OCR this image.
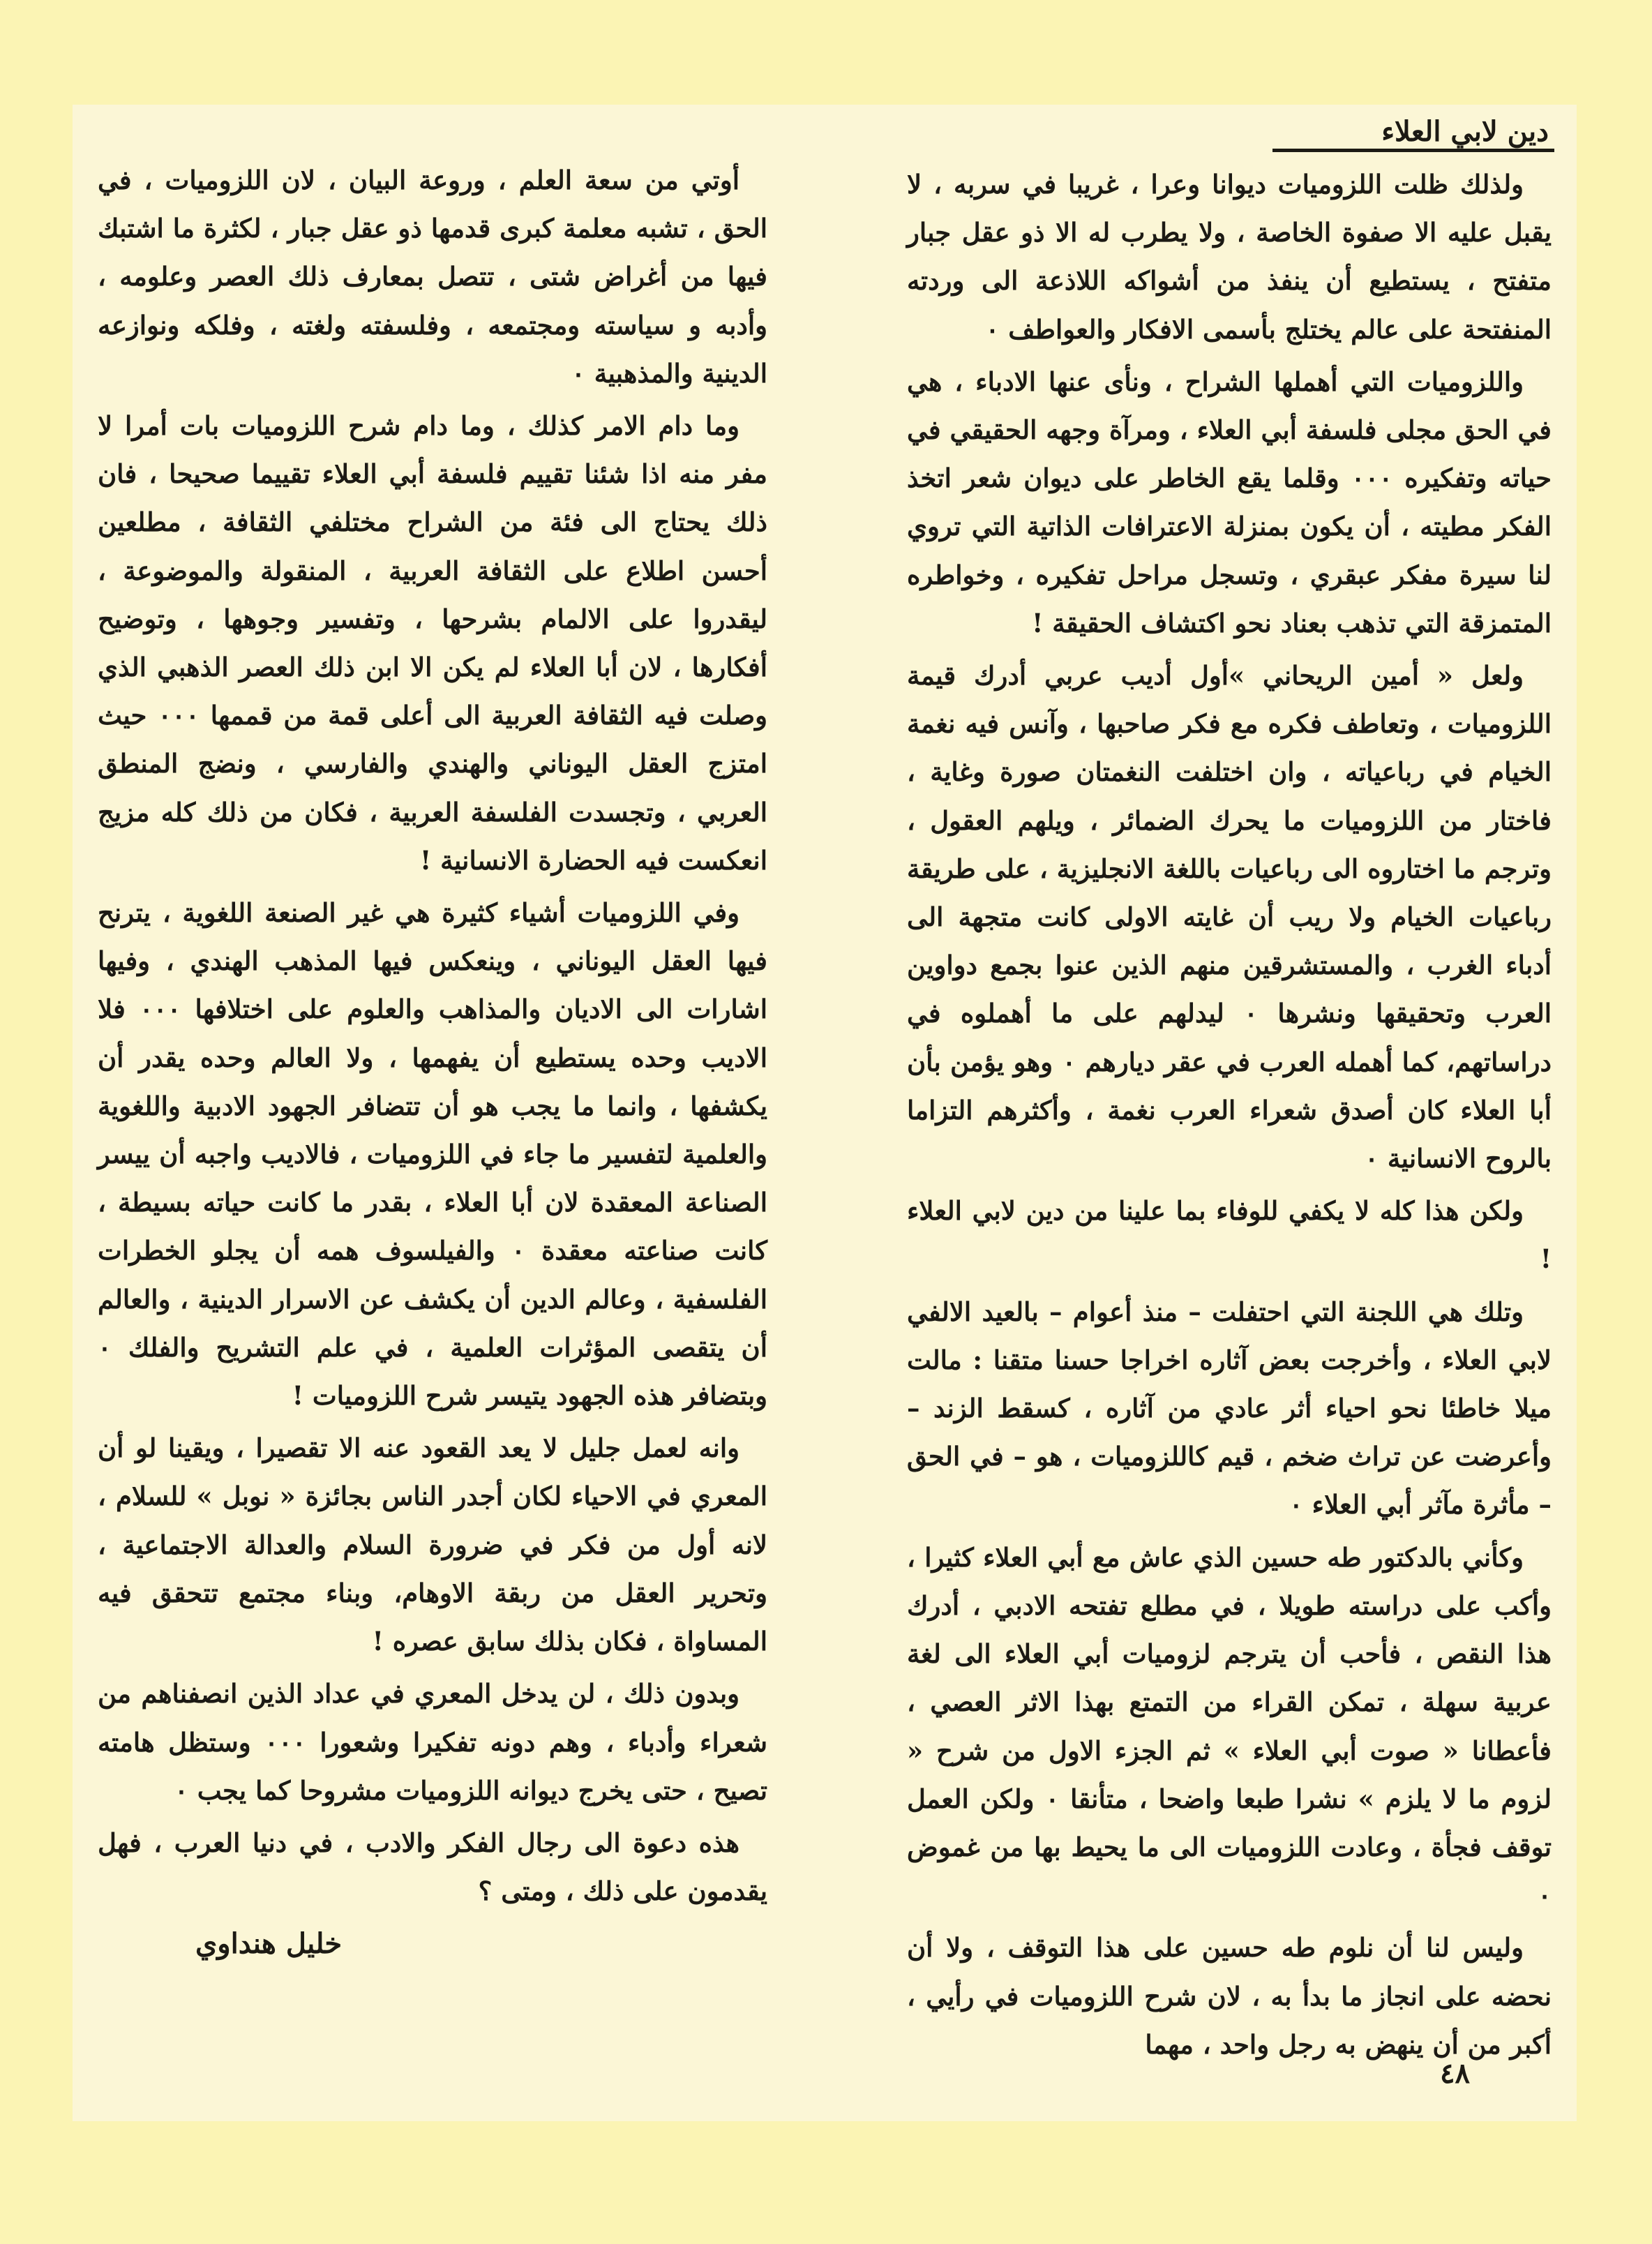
دين لابي العلاء

ولذلك ظلت اللزوميات ديوانا وعرا ، غريبا في سربه ، لا يقبل عليه الا صفوة الخاصة ، ولا يطرب له الا ذو عقل جبار متفتح ، يستطيع أن ينفذ من أشواكه اللاذعة الى وردته المنفتحة على عالم يختلج بأسمى الافكار والعواطف ٠

واللزوميات التي أهملها الشراح ، ونأى عنها الادباء ، هي في الحق مجلى فلسفة أبي العلاء ، ومرآة وجهه الحقيقي في حياته وتفكيره ٠٠٠ وقلما يقع الخاطر على ديوان شعر اتخذ الفكر مطيته ، أن يكون بمنزلة الاعترافات الذاتية التي تروي لنا سيرة مفكر عبقري ، وتسجل مراحل تفكيره ، وخواطره المتمزقة التي تذهب بعناد نحو اكتشاف الحقيقة !

ولعل « أمين الريحاني »أول أديب عربي أدرك قيمة اللزوميات ، وتعاطف فكره مع فكر صاحبها ، وآنس فيه نغمة الخيام في رباعياته ، وان اختلفت النغمتان صورة وغاية ، فاختار من اللزوميات ما يحرك الضمائر ، ويلهم العقول ، وترجم ما اختاروه الى رباعيات باللغة الانجليزية ، على طريقة رباعيات الخيام ولا ريب أن غايته الاولى كانت متجهة الى أدباء الغرب ، والمستشرقين منهم الذين عنوا بجمع دواوين العرب وتحقيقها ونشرها ٠ ليدلهم على ما أهملوه في دراساتهم، كما أهمله العرب في عقر ديارهم ٠ وهو يؤمن بأن أبا العلاء كان أصدق شعراء العرب نغمة ، وأكثرهم التزاما بالروح الانسانية ٠

ولكن هذا كله لا يكفي للوفاء بما علينا من دين لابي العلاء !

وتلك هي اللجنة التي احتفلت – منذ أعوام – بالعيد الالفي لابي العلاء ، وأخرجت بعض آثاره اخراجا حسنا متقنا : مالت ميلا خاطئا نحو احياء أثر عادي من آثاره ، كسقط الزند – وأعرضت عن تراث ضخم ، قيم كاللزوميات ، هو – في الحق – مأثرة مآثر أبي العلاء ٠

وكأني بالدكتور طه حسين الذي عاش مع أبي العلاء كثيرا ، وأكب على دراسته طويلا ، في مطلع تفتحه الادبي ، أدرك هذا النقص ، فأحب أن يترجم لزوميات أبي العلاء الى لغة عربية سهلة ، تمكن القراء من التمتع بهذا الاثر العصي ، فأعطانا « صوت أبي العلاء » ثم الجزء الاول من شرح « لزوم ما لا يلزم » نشرا طبعا واضحا ، متأنقا ٠ ولكن العمل توقف فجأة ، وعادت اللزوميات الى ما يحيط بها من غموض ٠

وليس لنا أن نلوم طه حسين على هذا التوقف ، ولا أن نحضه على انجاز ما بدأ به ، لان شرح اللزوميات في رأيي ، أكبر من أن ينهض به رجل واحد ، مهما

أوتي من سعة العلم ، وروعة البيان ، لان اللزوميات ، في الحق ، تشبه معلمة كبرى قدمها ذو عقل جبار ، لكثرة ما اشتبك فيها من أغراض شتى ، تتصل بمعارف ذلك العصر وعلومه ، وأدبه و سياسته ومجتمعه ، وفلسفته ولغته ، وفلكه ونوازعه الدينية والمذهبية ٠

وما دام الامر كذلك ، وما دام شرح اللزوميات بات أمرا لا مفر منه اذا شئنا تقييم فلسفة أبي العلاء تقييما صحيحا ، فان ذلك يحتاج الى فئة من الشراح مختلفي الثقافة ، مطلعين أحسن اطلاع على الثقافة العربية ، المنقولة والموضوعة ، ليقدروا على الالمام بشرحها ، وتفسير وجوهها ، وتوضيح أفكارها ، لان أبا العلاء لم يكن الا ابن ذلك العصر الذهبي الذي وصلت فيه الثقافة العربية الى أعلى قمة من قممها ٠٠٠ حيث امتزج العقل اليوناني والهندي والفارسي ، ونضج المنطق العربي ، وتجسدت الفلسفة العربية ، فكان من ذلك كله مزيج انعكست فيه الحضارة الانسانية !

وفي اللزوميات أشياء كثيرة هي غير الصنعة اللغوية ، يترنح فيها العقل اليوناني ، وينعكس فيها المذهب الهندي ، وفيها اشارات الى الاديان والمذاهب والعلوم على اختلافها ٠٠٠ فلا الاديب وحده يستطيع أن يفهمها ، ولا العالم وحده يقدر أن يكشفها ، وانما ما يجب هو أن تتضافر الجهود الادبية واللغوية والعلمية لتفسير ما جاء في اللزوميات ، فالاديب واجبه أن ييسر الصناعة المعقدة لان أبا العلاء ، بقدر ما كانت حياته بسيطة ، كانت صناعته معقدة ٠ والفيلسوف همه أن يجلو الخطرات الفلسفية ، وعالم الدين أن يكشف عن الاسرار الدينية ، والعالم أن يتقصى المؤثرات العلمية ، في علم التشريح والفلك ٠ وبتضافر هذه الجهود يتيسر شرح اللزوميات !

وانه لعمل جليل لا يعد القعود عنه الا تقصيرا ، ويقينا لو أن المعري في الاحياء لكان أجدر الناس بجائزة « نوبل » للسلام ، لانه أول من فكر في ضرورة السلام والعدالة الاجتماعية ، وتحرير العقل من ربقة الاوهام، وبناء مجتمع تتحقق فيه المساواة ، فكان بذلك سابق عصره !

وبدون ذلك ، لن يدخل المعري في عداد الذين انصفناهم من شعراء وأدباء ، وهم دونه تفكيرا وشعورا ٠٠٠ وستظل هامته تصيح ، حتى يخرج ديوانه اللزوميات مشروحا كما يجب ٠

هذه دعوة الى رجال الفكر والادب ، في دنيا العرب ، فهل يقدمون على ذلك ، ومتى ؟

خليل هنداوي
٤٨
